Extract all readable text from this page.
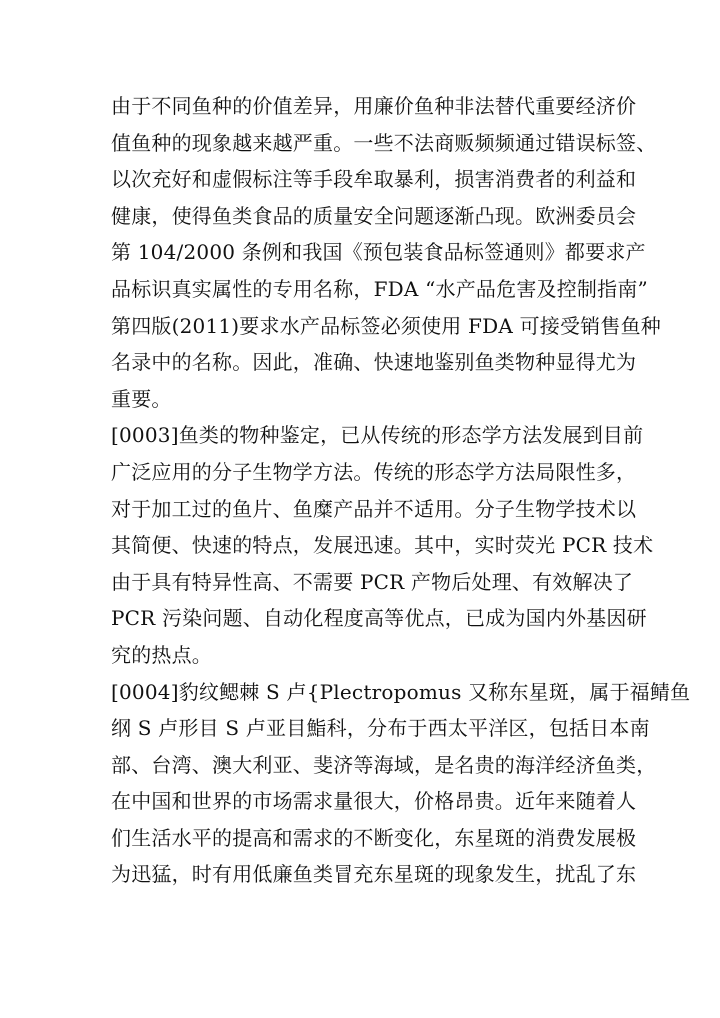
由于不同鱼种的价值差异，用廉价鱼种非法替代重要经济价
值鱼种的现象越来越严重。一些不法商贩频频通过错误标签、
以次充好和虚假标注等手段牟取暴利，损害消费者的利益和
健康，使得鱼类食品的质量安全问题逐渐凸现。欧洲委员会
第 104/2000 条例和我国《预包装食品标签通则》都要求产
品标识真实属性的专用名称，FDA “水产品危害及控制指南”
第四版(2011)要求水产品标签必须使用 FDA 可接受销售鱼种
名录中的名称。因此，准确、快速地鉴别鱼类物种显得尤为
重要。
[0003]鱼类的物种鉴定，已从传统的形态学方法发展到目前
广泛应用的分子生物学方法。传统的形态学方法局限性多，
对于加工过的鱼片、鱼糜产品并不适用。分子生物学技术以
其简便、快速的特点，发展迅速。其中，实时荧光 PCR 技术
由于具有特异性高、不需要 PCR 产物后处理、有效解决了
PCR 污染问题、自动化程度高等优点，已成为国内外基因研
究的热点。
[0004]豹纹鳃棘 S 卢{Plectropomus 又称东星斑，属于福鲭鱼
纲 S 卢形目 S 卢亚目鮨科，分布于西太平洋区，包括日本南
部、台湾、澳大利亚、斐济等海域，是名贵的海洋经济鱼类，
在中国和世界的市场需求量很大，价格昂贵。近年来随着人
们生活水平的提高和需求的不断变化，东星斑的消费发展极
为迅猛，时有用低廉鱼类冒充东星斑的现象发生，扰乱了东
